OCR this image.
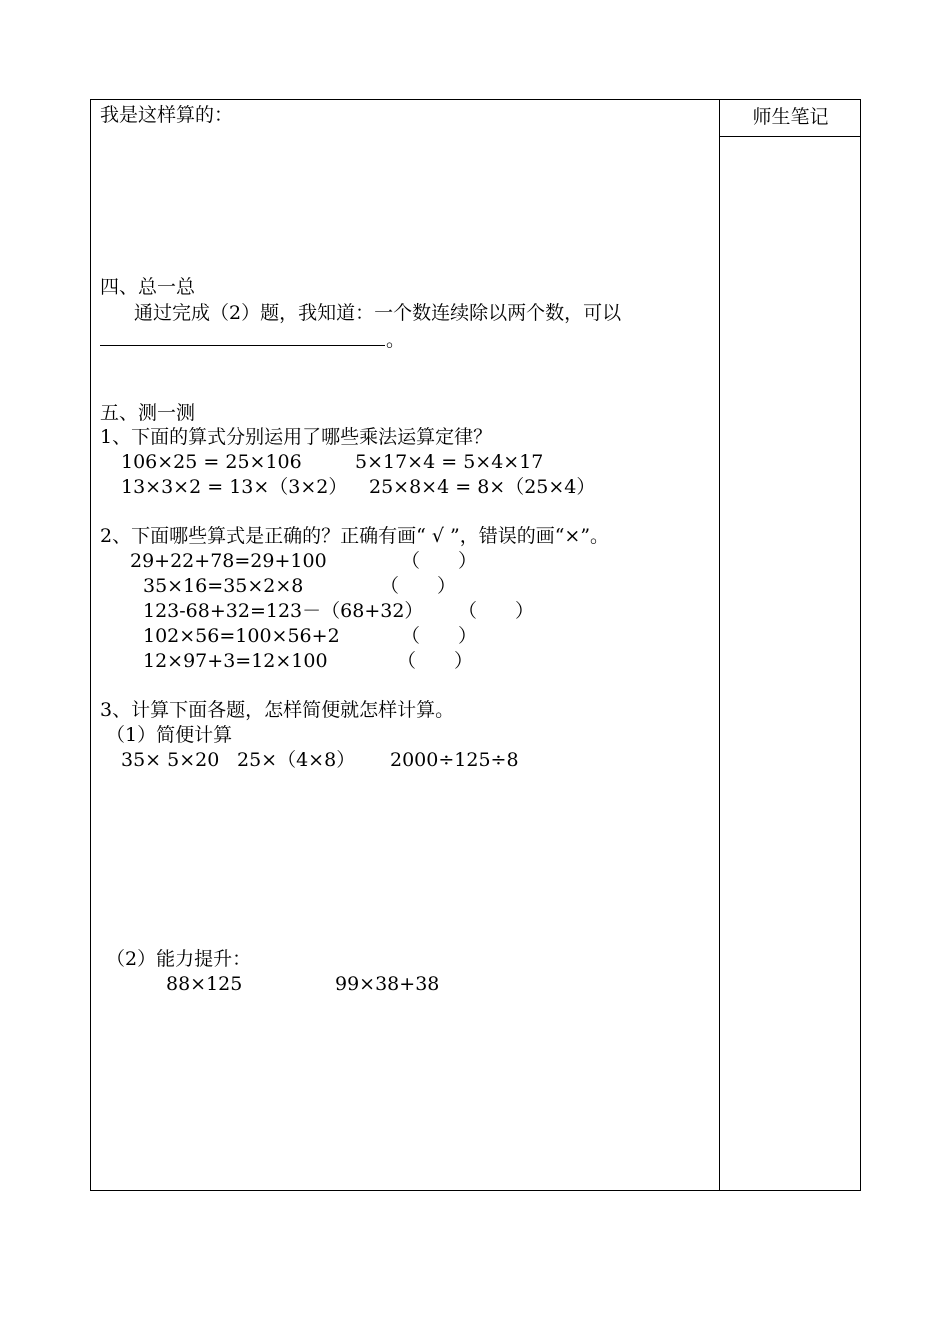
师生笔记
我是这样算的：
四、总一总
通过完成（2）题，我知道：一个数连续除以两个数，可以
。
五、测一测
1、下面的算式分别运用了哪些乘法运算定律？
106×25 = 25×106	5×17×4 = 5×4×17
13×3×2 = 13×（3×2） 25×8×4 = 8×（25×4）
2、下面哪些算式是正确的？正确有画“ √ ”，错误的画“×”。
29+22+78=29+100	（　　）
35×16=35×2×8	（　　）
123-68+32=123－（68+32） （　　）
102×56=100×56+2	（　　）
12×97+3=12×100	（　　）
3、计算下面各题，怎样简便就怎样计算。
（1）简便计算
35× 5×20 25×（4×8） 2000÷125÷8
（2）能力提升：
88×125	99×38+38
